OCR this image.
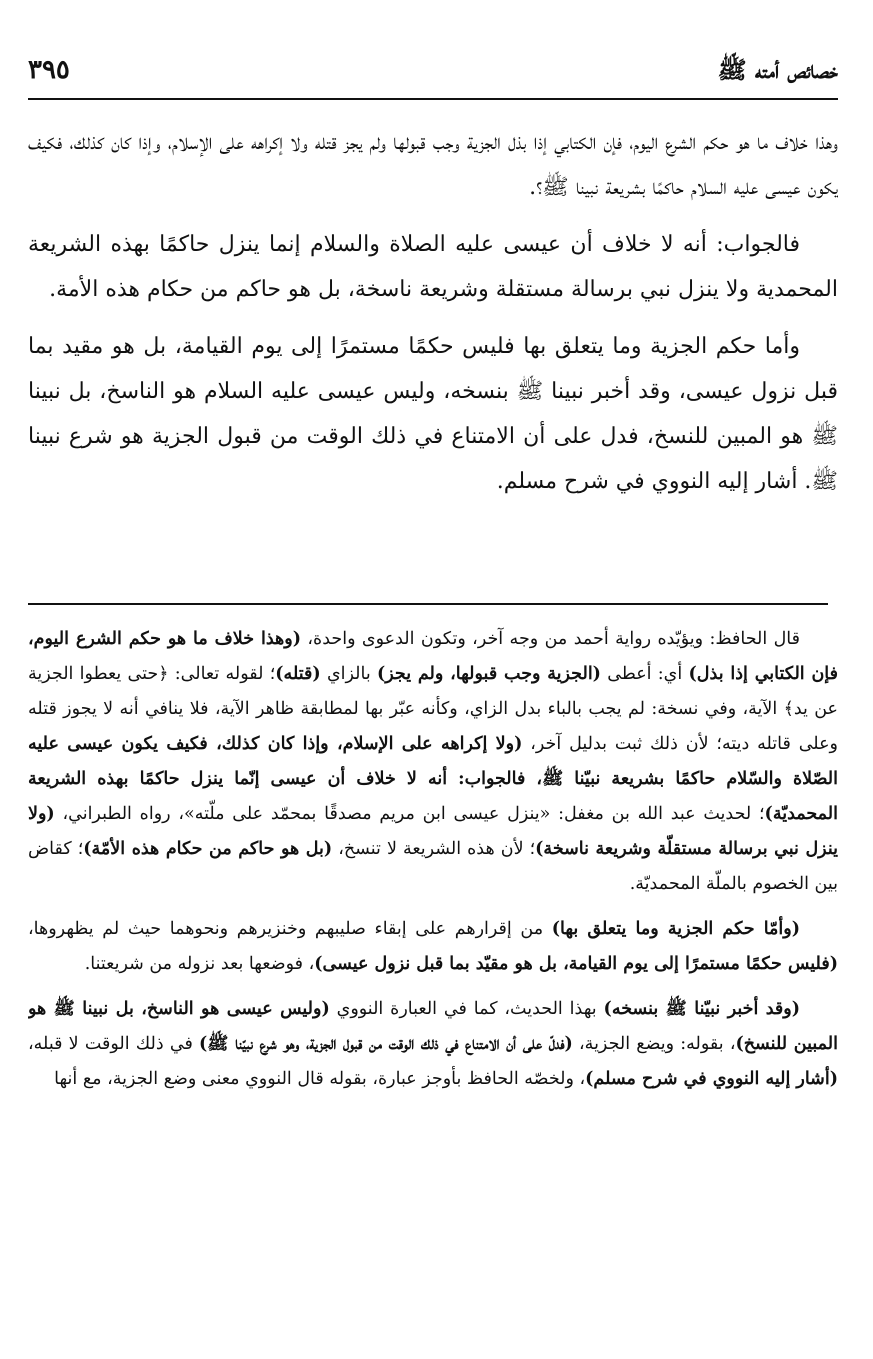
خصائص أمته ﷺ
٣٩٥

وهذا خلاف ما هو حكم الشرع اليوم، فإن الكتابي إذا بذل الجزية وجب قبولها ولم يجز قتله ولا إكراهه على الإسلام، وإذا كان كذلك، فكيف يكون عيسى عليه السلام حاكمًا بشريعة نبينا ﷺ؟.

فالجواب: أنه لا خلاف أن عيسى عليه الصلاة والسلام إنما ينزل حاكمًا بهذه الشريعة المحمدية ولا ينزل نبي برسالة مستقلة وشريعة ناسخة، بل هو حاكم من حكام هذه الأمة.

وأما حكم الجزية وما يتعلق بها فليس حكمًا مستمرًا إلى يوم القيامة، بل هو مقيد بما قبل نزول عيسى، وقد أخبر نبينا ﷺ بنسخه، وليس عيسى عليه السلام هو الناسخ، بل نبينا ﷺ هو المبين للنسخ، فدل على أن الامتناع في ذلك الوقت من قبول الجزية هو شرع نبينا ﷺ. أشار إليه النووي في شرح مسلم.

قال الحافظ: ويؤيّده رواية أحمد من وجه آخر، وتكون الدعوى واحدة، (وهذا خلاف ما هو حكم الشرع اليوم، فإن الكتابي إذا بذل) أي: أعطى (الجزية وجب قبولها، ولم يجز) بالزاي (قتله)؛ لقوله تعالى: ﴿حتى يعطوا الجزية عن يد﴾ الآية، وفي نسخة: لم يجب بالباء بدل الزاي، وكأنه عبّر بها لمطابقة ظاهر الآية، فلا ينافي أنه لا يجوز قتله وعلى قاتله ديته؛ لأن ذلك ثبت بدليل آخر، (ولا إكراهه على الإسلام، وإذا كان كذلك، فكيف يكون عيسى عليه الصّلاة والسّلام حاكمًا بشريعة نبيّنا ﷺ، فالجواب: أنه لا خلاف أن عيسى إنّما ينزل حاكمًا بهذه الشريعة المحمديّة)؛ لحديث عبد الله بن مغفل: «ينزل عيسى ابن مريم مصدقًا بمحمّد على ملّته»، رواه الطبراني، (ولا ينزل نبي برسالة مستقلّة وشريعة ناسخة)؛ لأن هذه الشريعة لا تنسخ، (بل هو حاكم من حكام هذه الأمّة)؛ كقاض بين الخصوم بالملّة المحمديّة.

(وأمّا حكم الجزية وما يتعلق بها) من إقرارهم على إبقاء صليبهم وخنزيرهم ونحوهما حيث لم يظهروها، (فليس حكمًا مستمرًا إلى يوم القيامة، بل هو مقيّد بما قبل نزول عيسى)، فوضعها بعد نزوله من شريعتنا.

(وقد أخبر نبيّنا ﷺ بنسخه) بهذا الحديث، كما في العبارة النووي (وليس عيسى هو الناسخ، بل نبينا ﷺ هو المبين للنسخ)، بقوله: ويضع الجزية، (فدلّ على أن الامتناع في ذلك الوقت من قبول الجزية، وهو شرع نبيّنا ﷺ) في ذلك الوقت لا قبله، (أشار إليه النووي في شرح مسلم)، ولخصّه الحافظ بأوجز عبارة، بقوله قال النووي معنى وضع الجزية، مع أنها
